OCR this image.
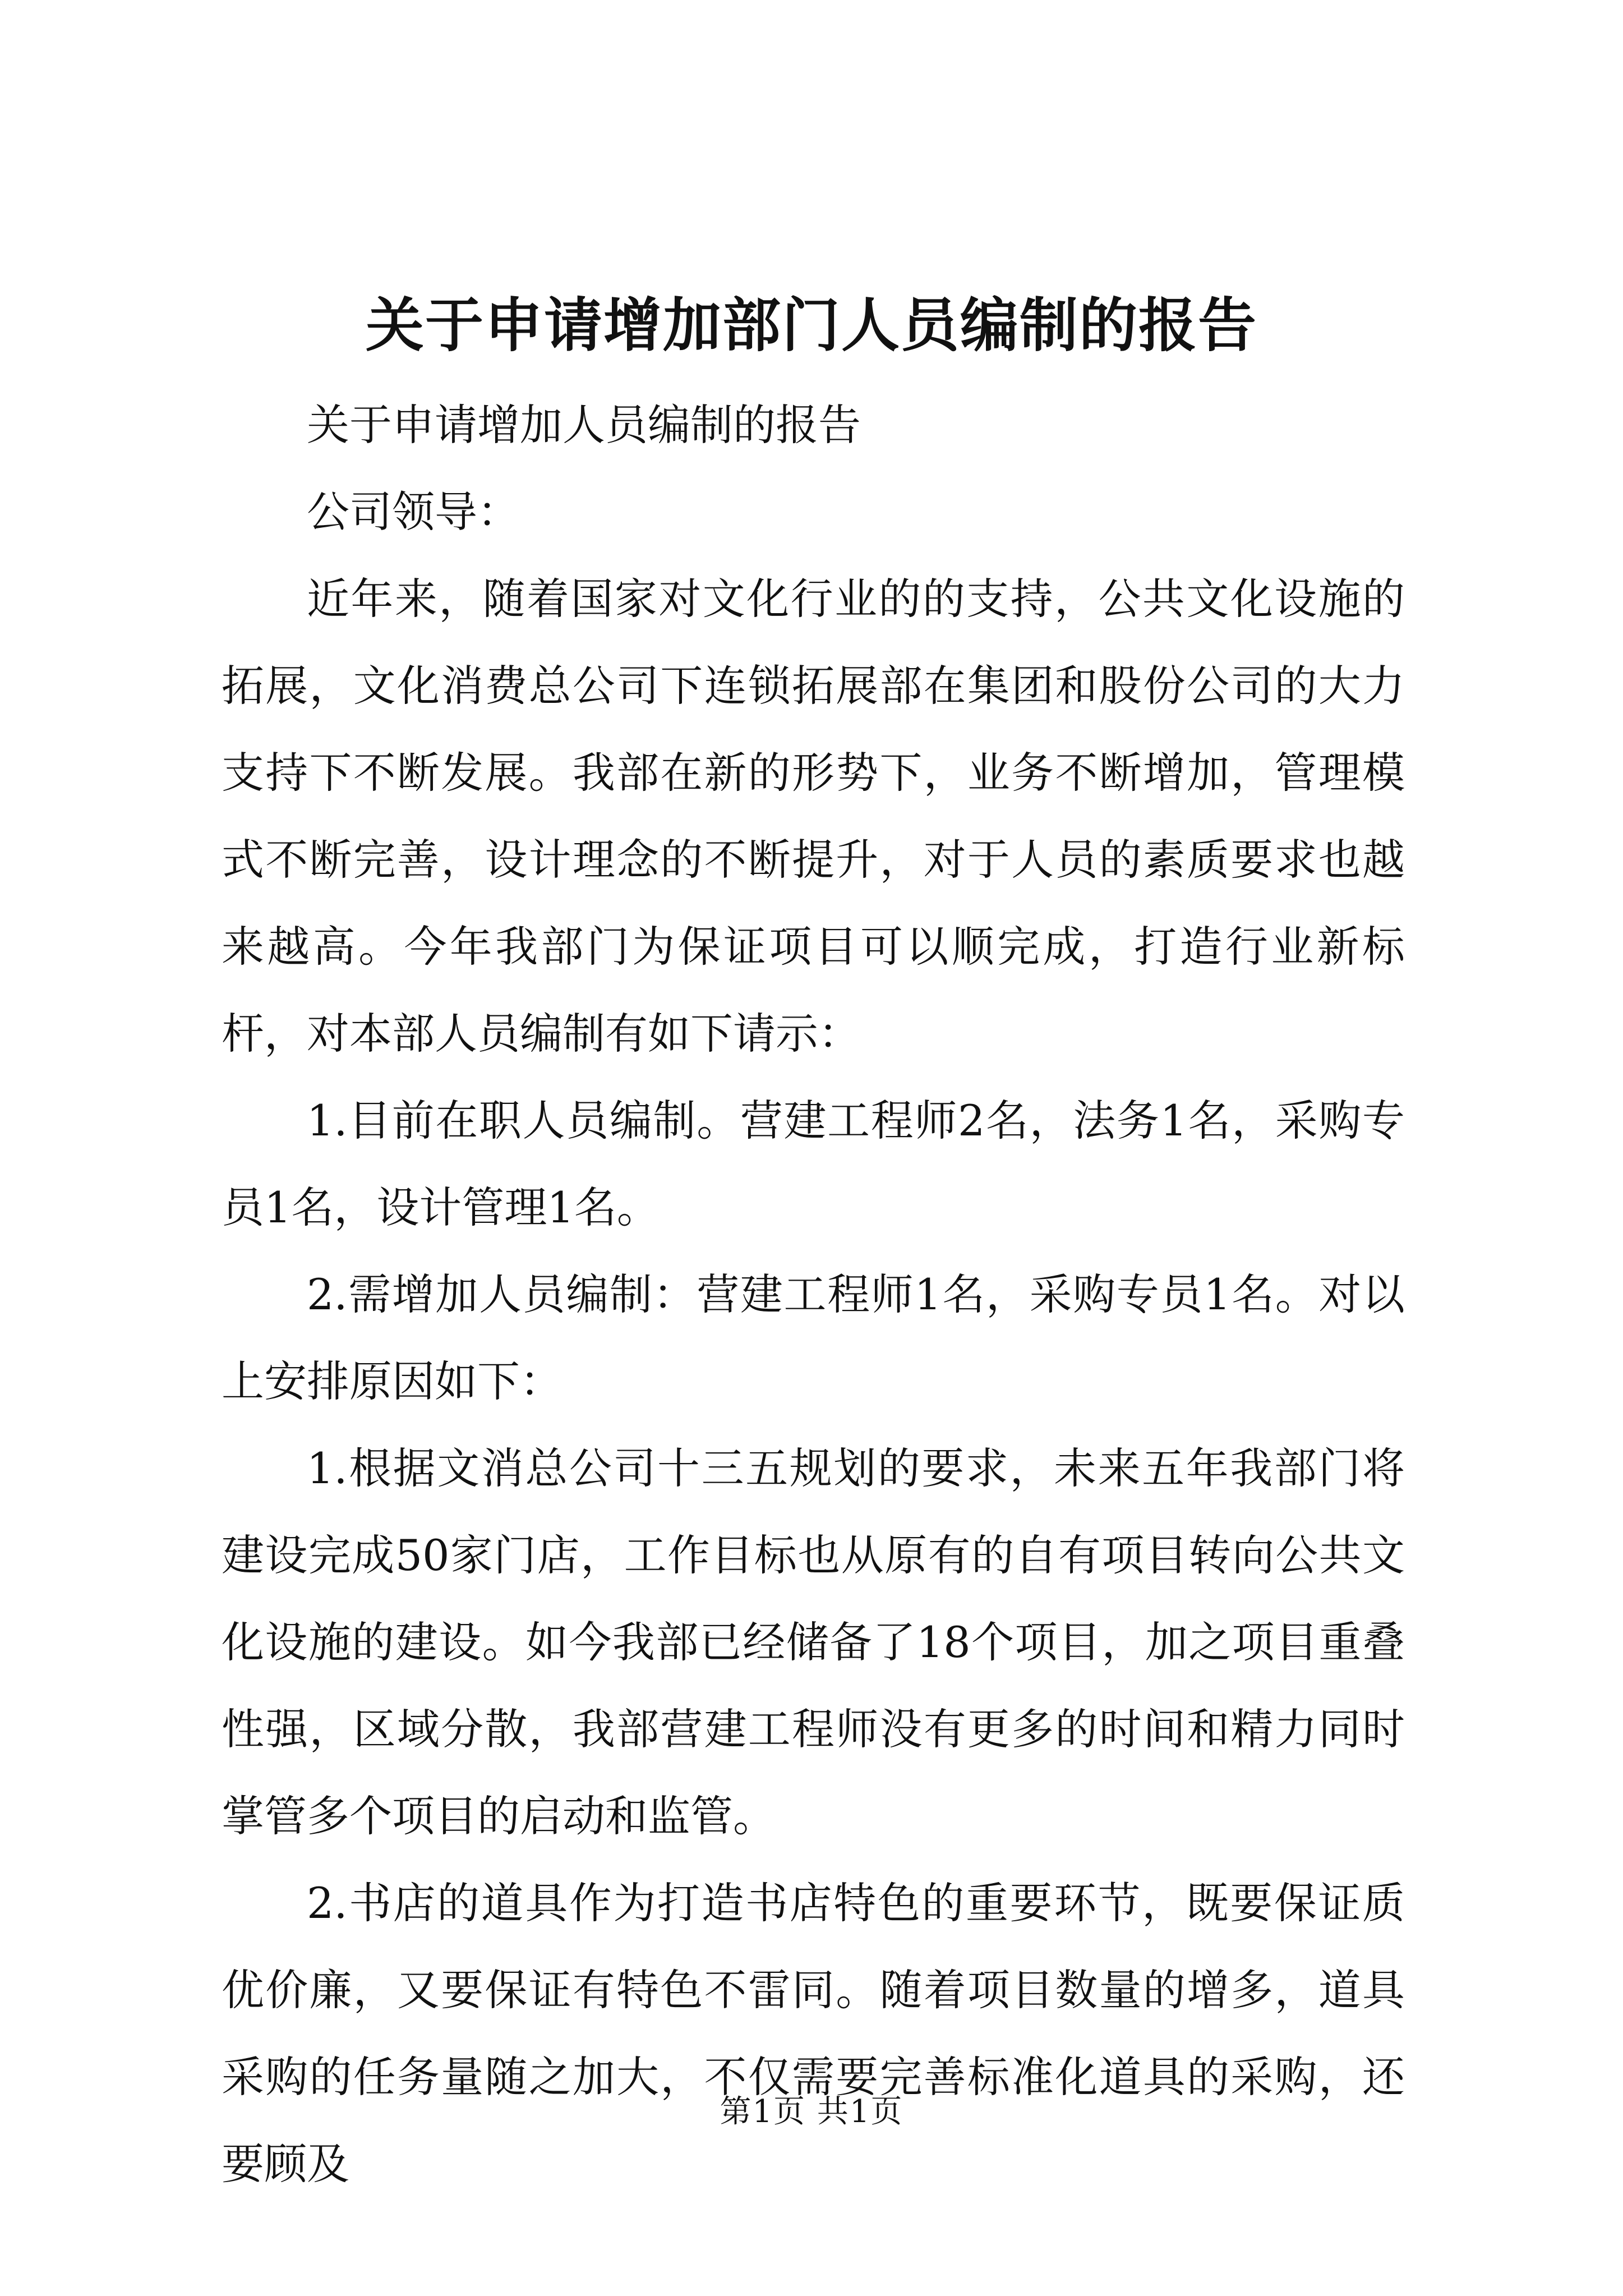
关于申请增加部门人员编制的报告

关于申请增加人员编制的报告

公司领导：

近年来，随着国家对文化行业的的支持，公共文化设施的拓展，文化消费总公司下连锁拓展部在集团和股份公司的大力支持下不断发展。我部在新的形势下，业务不断增加，管理模式不断完善，设计理念的不断提升，对于人员的素质要求也越来越高。今年我部门为保证项目可以顺完成，打造行业新标杆，对本部人员编制有如下请示：

1.目前在职人员编制。营建工程师2名，法务1名，采购专员1名，设计管理1名。

2.需增加人员编制：营建工程师1名，采购专员1名。对以上安排原因如下：

1.根据文消总公司十三五规划的要求，未来五年我部门将建设完成50家门店，工作目标也从原有的自有项目转向公共文化设施的建设。如今我部已经储备了18个项目，加之项目重叠性强，区域分散，我部营建工程师没有更多的时间和精力同时掌管多个项目的启动和监管。

2.书店的道具作为打造书店特色的重要环节，既要保证质优价廉，又要保证有特色不雷同。随着项目数量的增多，道具采购的任务量随之加大，不仅需要完善标准化道具的采购，还要顾及

第1页 共1页
